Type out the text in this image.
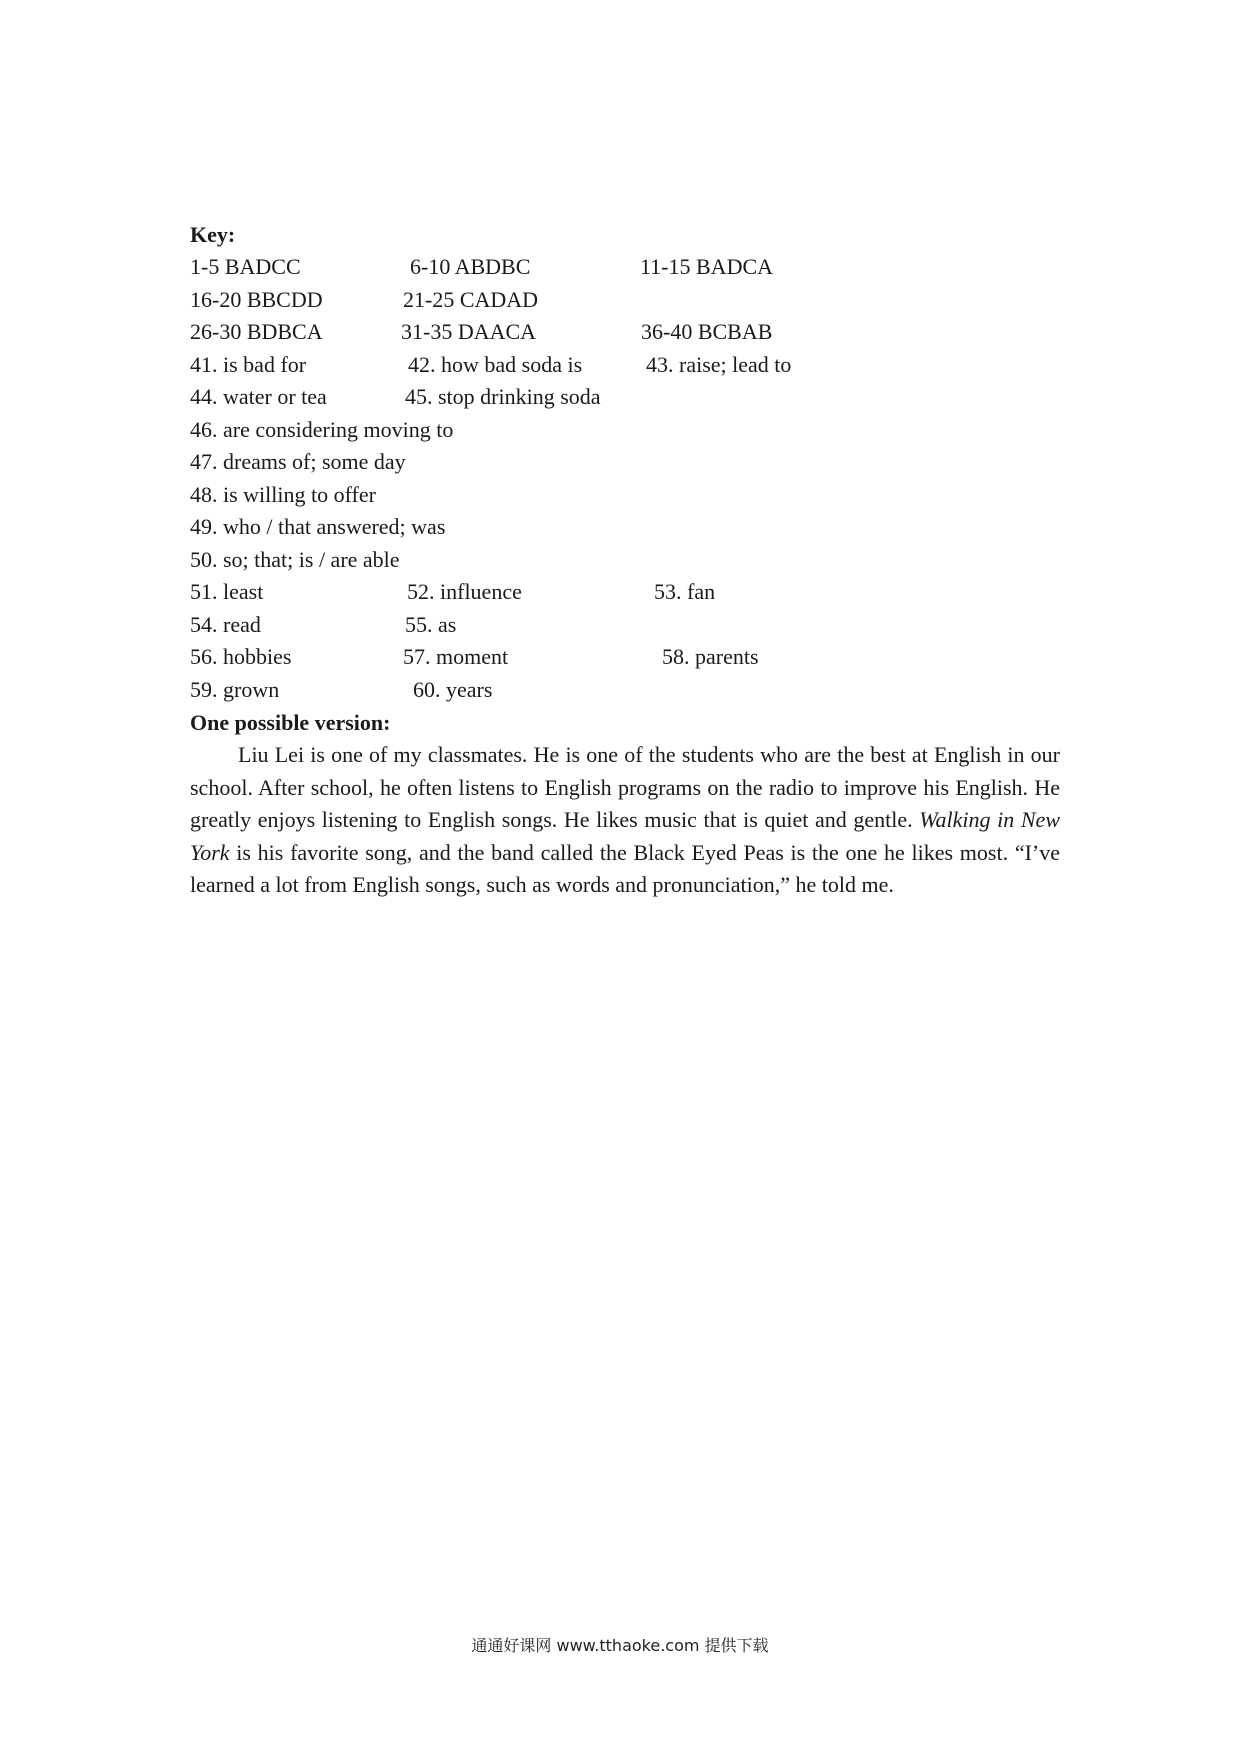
Key:
1-5 BADCC	6-10 ABDBC	11-15 BADCA
16-20 BBCDD	21-25 CADAD
26-30 BDBCA	31-35 DAACA	36-40 BCBAB
41. is bad for	42. how bad soda is	43. raise; lead to
44. water or tea	45. stop drinking soda
46. are considering moving to
47. dreams of; some day
48. is willing to offer
49. who / that answered; was
50. so; that; is / are able
51. least	52. influence	53. fan
54. read	55. as
56. hobbies	57. moment	58. parents
59. grown	60. years
One possible version:

Liu Lei is one of my classmates. He is one of the students who are the best at English in our school. After school, he often listens to English programs on the radio to improve his English. He greatly enjoys listening to English songs. He likes music that is quiet and gentle. Walking in New York is his favorite song, and the band called the Black Eyed Peas is the one he likes most. “I’ve learned a lot from English songs, such as words and pronunciation,” he told me.

通通好课网 www.tthaoke.com 提供下载
